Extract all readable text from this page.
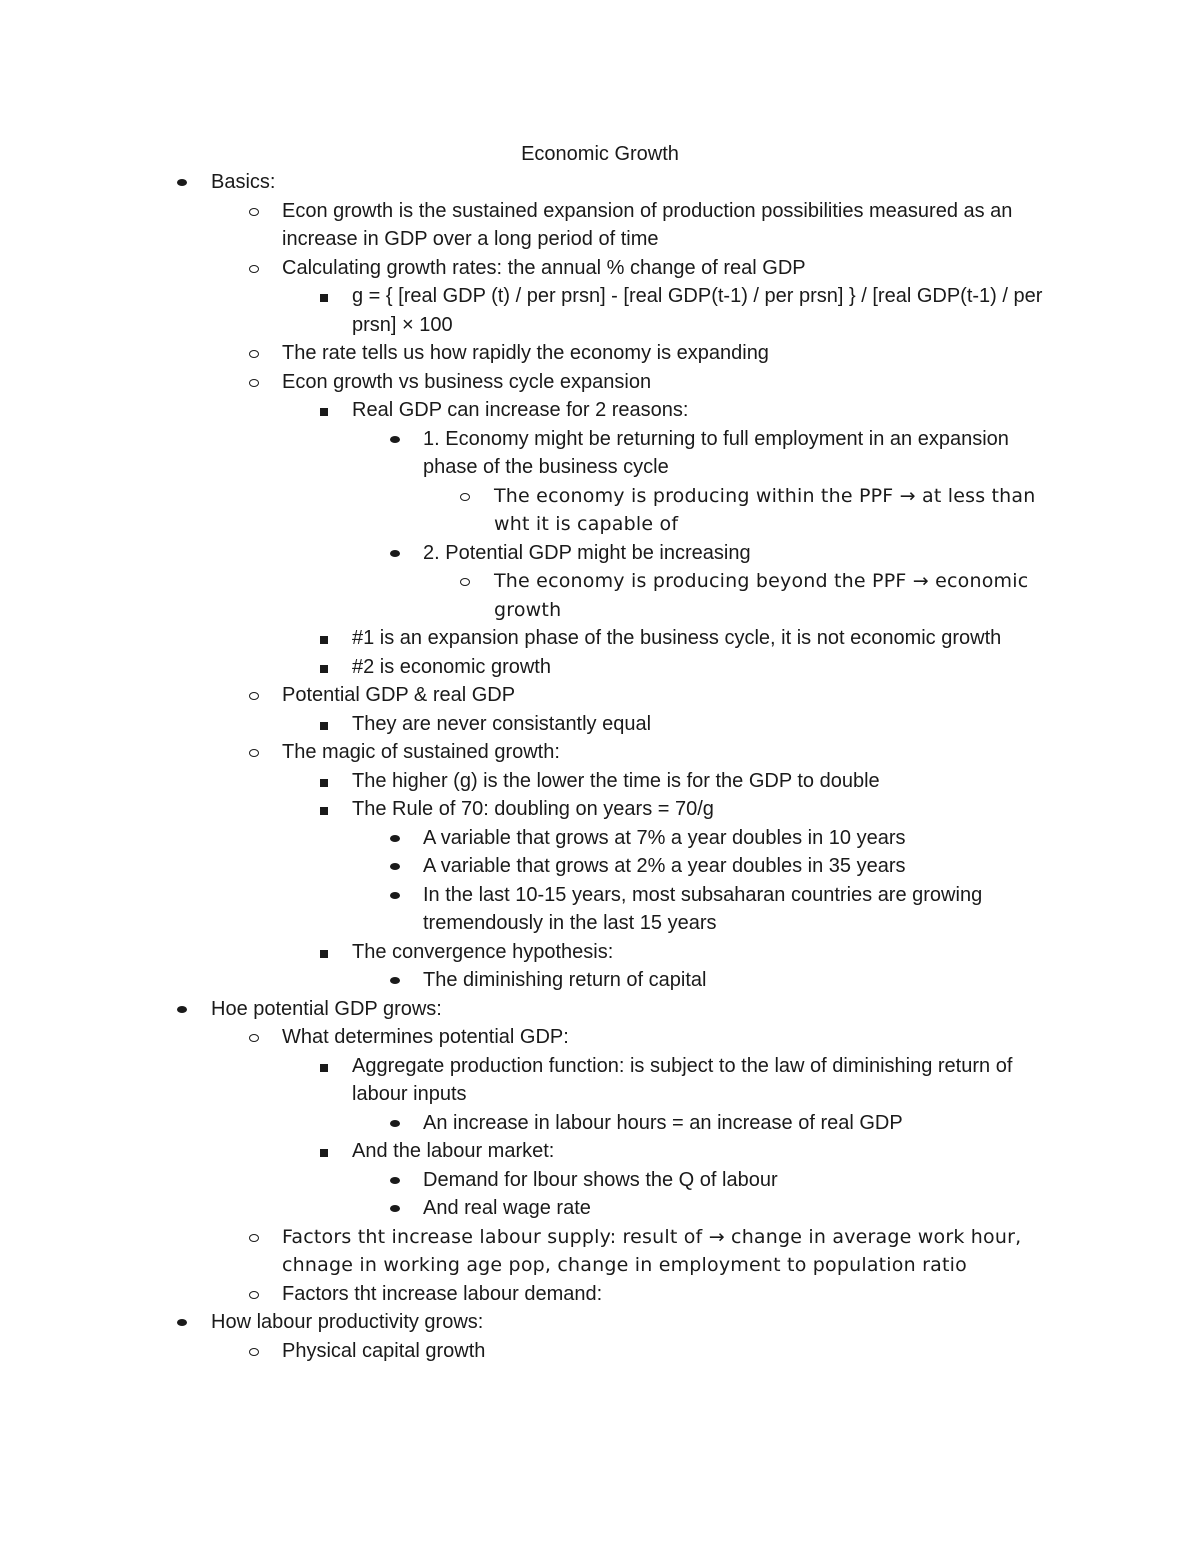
Economic Growth
Basics:
Econ growth is the sustained expansion of production possibilities measured as an increase in GDP over a long period of time
Calculating growth rates: the annual % change of real GDP
g = { [real GDP (t) / per prsn] - [real GDP(t-1) / per prsn] } / [real GDP(t-1) / per prsn] × 100
The rate tells us how rapidly the economy is expanding
Econ growth vs business cycle expansion
Real GDP can increase for 2 reasons:
1. Economy might be returning to full employment in an expansion phase of the business cycle
The economy is producing within the PPF → at less than wht it is capable of
2. Potential GDP might be increasing
The economy is producing beyond the PPF → economic growth
#1 is an expansion phase of the business cycle, it is not economic growth
#2 is economic growth
Potential GDP & real GDP
They are never consistantly equal
The magic of sustained growth:
The higher (g) is the lower the time is for the GDP to double
The Rule of 70: doubling on years = 70/g
A variable that grows at 7% a year doubles in 10 years
A variable that grows at 2% a year doubles in 35 years
In the last 10-15 years, most subsaharan countries are growing tremendously in the last 15 years
The convergence hypothesis:
The diminishing return of capital
Hoe potential GDP grows:
What determines potential GDP:
Aggregate production function: is subject to the law of diminishing return of labour inputs
An increase in labour hours = an increase of real GDP
And the labour market:
Demand for lbour shows the Q of labour
And real wage rate
Factors tht increase labour supply: result of → change in average work hour, chnage in working age pop, change in employment to population ratio
Factors tht increase labour demand:
How labour productivity grows:
Physical capital growth
